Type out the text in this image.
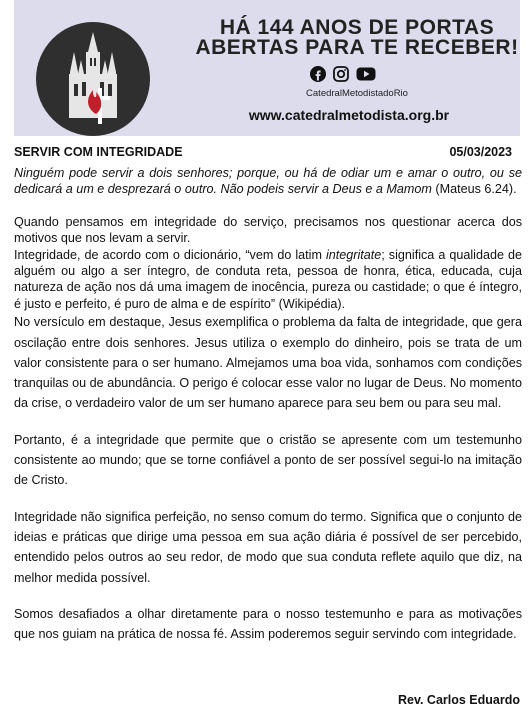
HÁ 144 ANOS DE PORTAS
ABERTAS PARA TE RECEBER!
CatedralMetodistadoRio
www.catedralmetodista.org.br
SERVIR COM INTEGRIDADE	05/03/2023

Ninguém pode servir a dois senhores; porque, ou há de odiar um e amar o outro, ou se dedicará a um e desprezará o outro. Não podeis servir a Deus e a Mamom (Mateus 6.24).

Quando pensamos em integridade do serviço, precisamos nos questionar acerca dos motivos que nos levam a servir.

Integridade, de acordo com o dicionário, “vem do latim integritate; significa a qualidade de alguém ou algo a ser íntegro, de conduta reta, pessoa de honra, ética, educada, cuja natureza de ação nos dá uma imagem de inocência, pureza ou castidade; o que é íntegro, é justo e perfeito, é puro de alma e de espírito” (Wikipédia).

No versículo em destaque, Jesus exemplifica o problema da falta de integridade, que gera oscilação entre dois senhores. Jesus utiliza o exemplo do dinheiro, pois se trata de um valor consistente para o ser humano. Almejamos uma boa vida, sonhamos com condições tranquilas ou de abundância. O perigo é colocar esse valor no lugar de Deus. No momento da crise, o verdadeiro valor de um ser humano aparece para seu bem ou para seu mal.

Portanto, é a integridade que permite que o cristão se apresente com um testemunho consistente ao mundo; que se torne confiável a ponto de ser possível segui-lo na imitação de Cristo.

Integridade não significa perfeição, no senso comum do termo. Significa que o conjunto de ideias e práticas que dirige uma pessoa em sua ação diária é possível de ser percebido, entendido pelos outros ao seu redor, de modo que sua conduta reflete aquilo que diz, na melhor medida possível.

Somos desafiados a olhar diretamente para o nosso testemunho e para as motivações que nos guiam na prática de nossa fé. Assim poderemos seguir servindo com integridade.

Rev. Carlos Eduardo
